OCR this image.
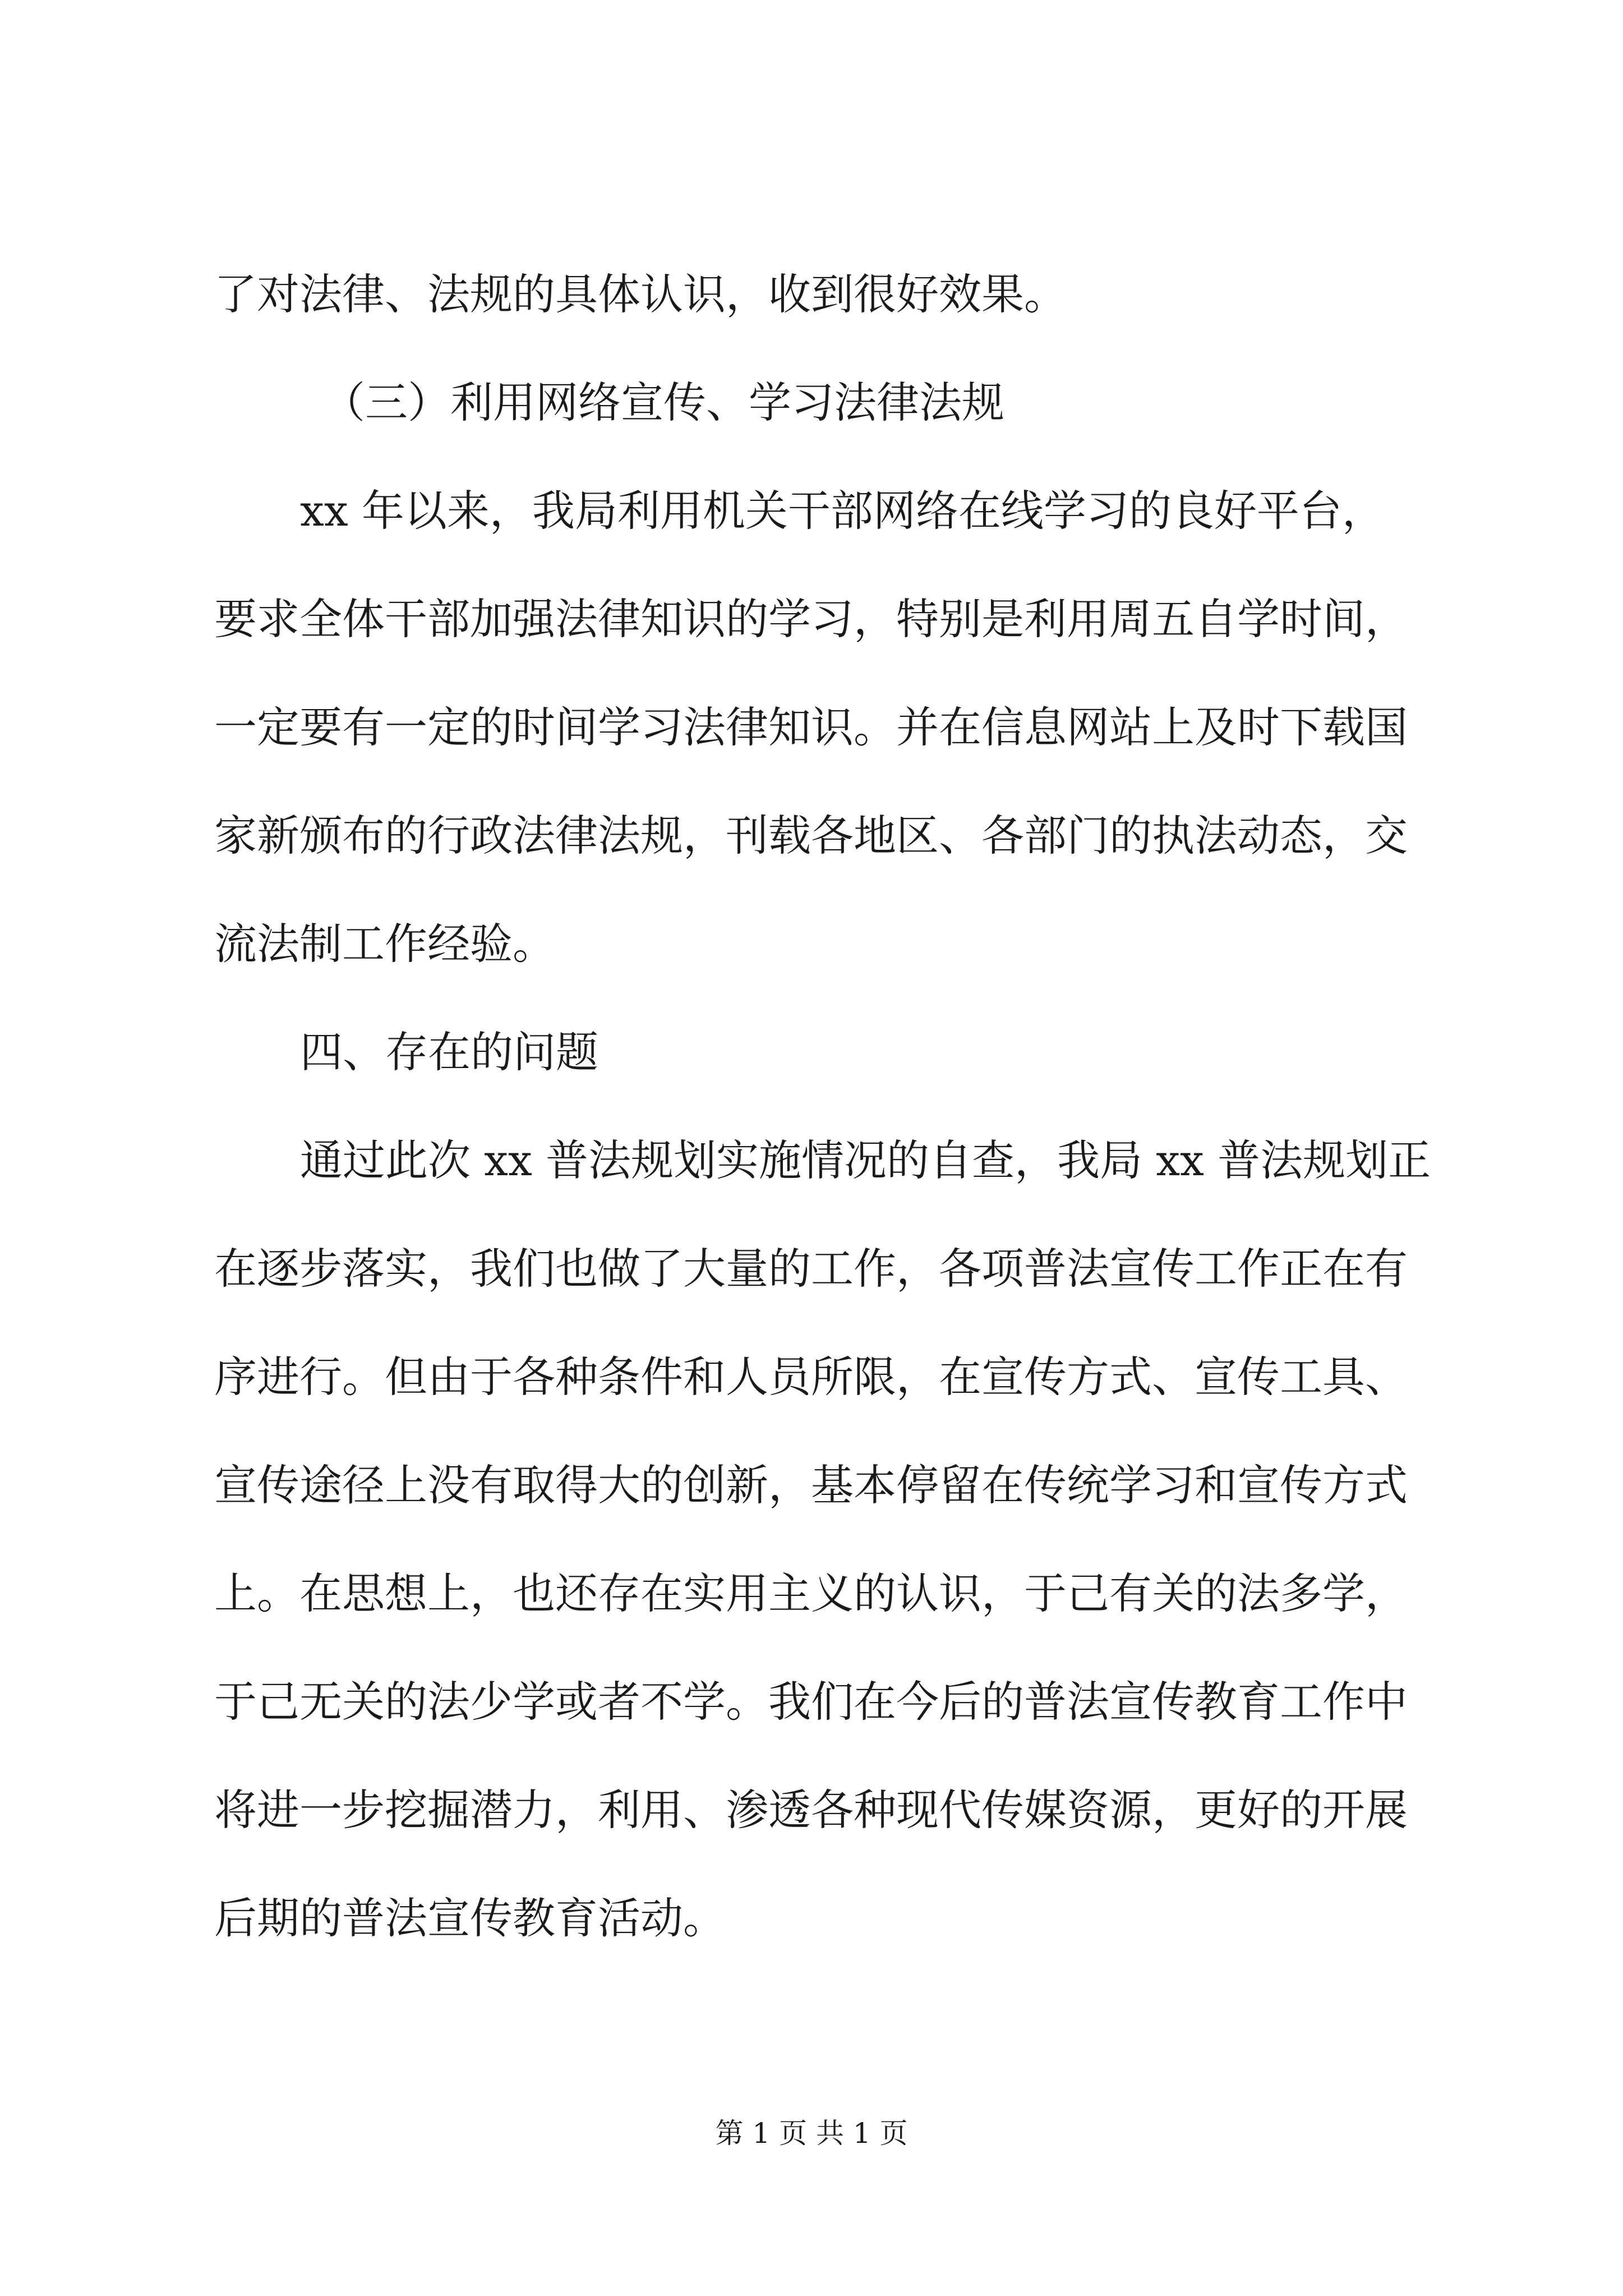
了对法律、法规的具体认识，收到很好效果。
（三）利用网络宣传、学习法律法规
xx 年以来，我局利用机关干部网络在线学习的良好平台，
要求全体干部加强法律知识的学习，特别是利用周五自学时间，
一定要有一定的时间学习法律知识。并在信息网站上及时下载国
家新颁布的行政法律法规，刊载各地区、各部门的执法动态，交
流法制工作经验。
四、存在的问题
通过此次 xx 普法规划实施情况的自查，我局 xx 普法规划正
在逐步落实，我们也做了大量的工作，各项普法宣传工作正在有
序进行。但由于各种条件和人员所限，在宣传方式、宣传工具、
宣传途径上没有取得大的创新，基本停留在传统学习和宣传方式
上。在思想上，也还存在实用主义的认识，于己有关的法多学，
于己无关的法少学或者不学。我们在今后的普法宣传教育工作中
将进一步挖掘潜力，利用、渗透各种现代传媒资源，更好的开展
后期的普法宣传教育活动。
第 1 页 共 1 页
